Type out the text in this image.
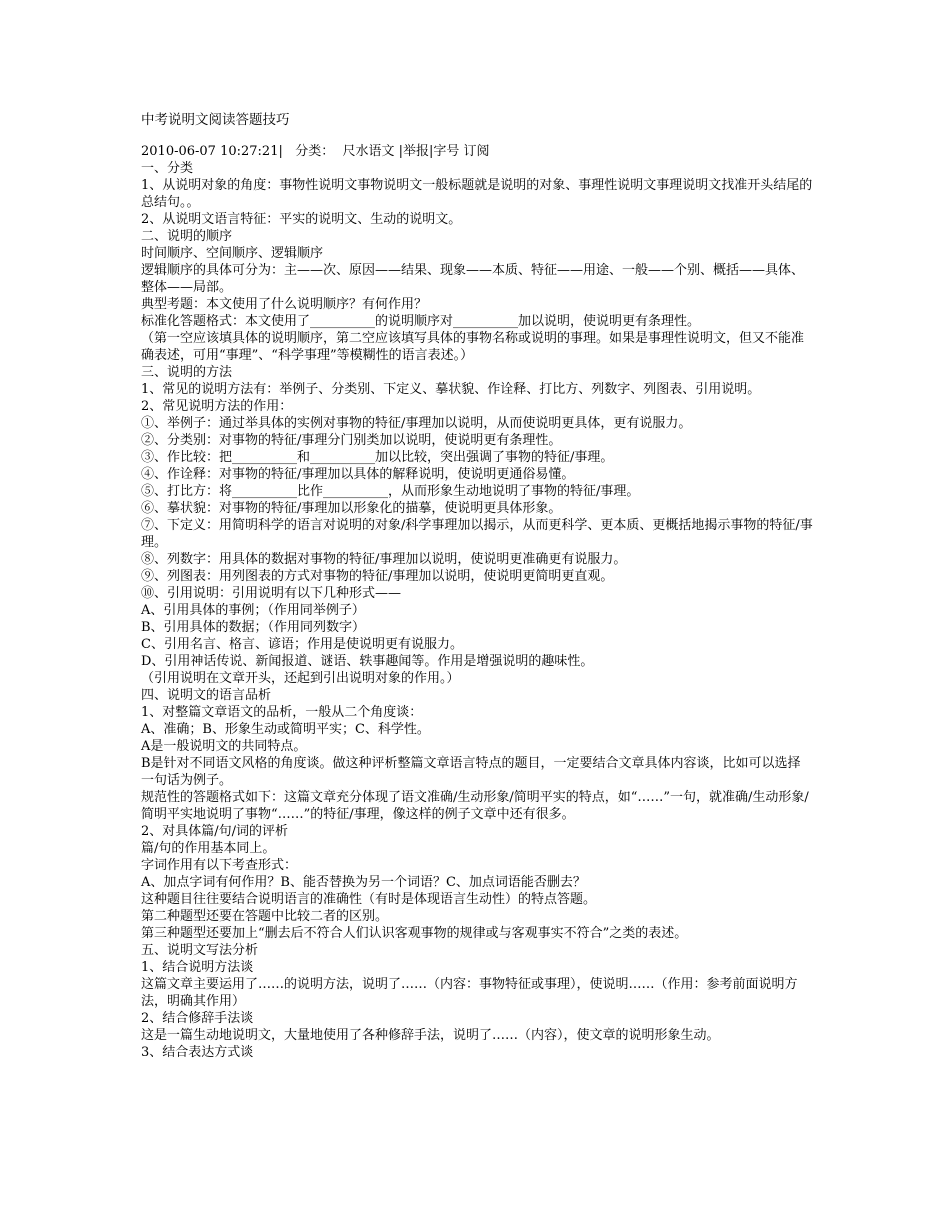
中考说明文阅读答题技巧

2010-06-07 10:27:21|   分类：  尺水语文 |举报|字号 订阅

一、分类

1、从说明对象的角度：事物性说明文事物说明文一般标题就是说明的对象、事理性说明文事理说明文找准开头结尾的总结句。。

2、从说明文语言特征：平实的说明文、生动的说明文。

二、说明的顺序

时间顺序、空间顺序、逻辑顺序

逻辑顺序的具体可分为：主——次、原因——结果、现象——本质、特征——用途、一般——个别、概括——具体、整体——局部。

典型考题：本文使用了什么说明顺序？有何作用？

标准化答题格式：本文使用了__________的说明顺序对__________加以说明，使说明更有条理性。

（第一空应该填具体的说明顺序，第二空应该填写具体的事物名称或说明的事理。如果是事理性说明文，但又不能准确表述，可用“事理”、“科学事理”等模糊性的语言表述。）

三、说明的方法

1、常见的说明方法有：举例子、分类别、下定义、摹状貌、作诠释、打比方、列数字、列图表、引用说明。

2、常见说明方法的作用：

①、举例子：通过举具体的实例对事物的特征/事理加以说明，从而使说明更具体，更有说服力。

②、分类别：对事物的特征/事理分门别类加以说明，使说明更有条理性。

③、作比较：把__________和__________加以比较，突出强调了事物的特征/事理。

④、作诠释：对事物的特征/事理加以具体的解释说明，使说明更通俗易懂。

⑤、打比方：将__________比作__________，从而形象生动地说明了事物的特征/事理。

⑥、摹状貌：对事物的特征/事理加以形象化的描摹，使说明更具体形象。

⑦、下定义：用简明科学的语言对说明的对象/科学事理加以揭示，从而更科学、更本质、更概括地揭示事物的特征/事理。

⑧、列数字：用具体的数据对事物的特征/事理加以说明，使说明更准确更有说服力。

⑨、列图表：用列图表的方式对事物的特征/事理加以说明，使说明更简明更直观。

⑩、引用说明：引用说明有以下几种形式——

A、引用具体的事例；（作用同举例子）

B、引用具体的数据；（作用同列数字）

C、引用名言、格言、谚语；作用是使说明更有说服力。

D、引用神话传说、新闻报道、谜语、轶事趣闻等。作用是增强说明的趣味性。

（引用说明在文章开头，还起到引出说明对象的作用。）

四、说明文的语言品析

1、对整篇文章语文的品析，一般从二个角度谈：

A、准确；B、形象生动或简明平实；C、科学性。

A是一般说明文的共同特点。

B是针对不同语文风格的角度谈。做这种评析整篇文章语言特点的题目，一定要结合文章具体内容谈，比如可以选择一句话为例子。

规范性的答题格式如下：这篇文章充分体现了语文准确/生动形象/简明平实的特点，如“……”一句，就准确/生动形象/简明平实地说明了事物“……”的特征/事理，像这样的例子文章中还有很多。

2、对具体篇/句/词的评析

篇/句的作用基本同上。

字词作用有以下考查形式：

A、加点字词有何作用？B、能否替换为另一个词语？C、加点词语能否删去？

这种题目往往要结合说明语言的准确性（有时是体现语言生动性）的特点答题。

第二种题型还要在答题中比较二者的区别。

第三种题型还要加上“删去后不符合人们认识客观事物的规律或与客观事实不符合”之类的表述。

五、说明文写法分析

1、结合说明方法谈

这篇文章主要运用了……的说明方法，说明了……（内容：事物特征或事理），使说明……（作用：参考前面说明方法，明确其作用）

2、结合修辞手法谈

这是一篇生动地说明文，大量地使用了各种修辞手法，说明了……（内容），使文章的说明形象生动。

3、结合表达方式谈
